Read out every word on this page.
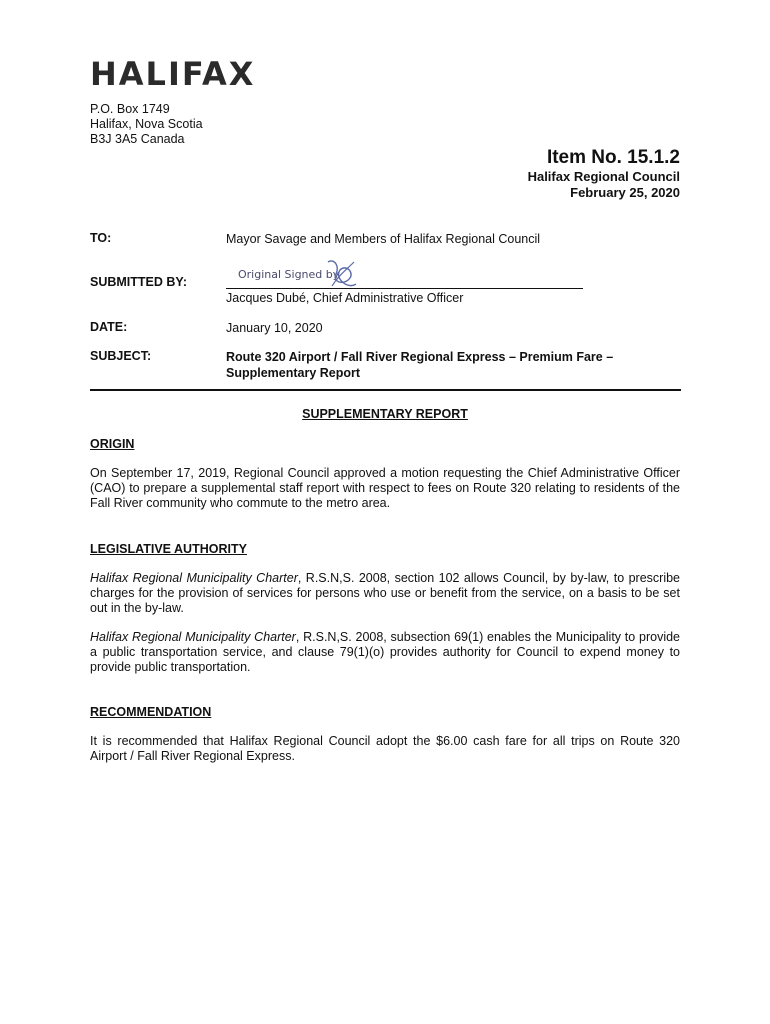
HALIFAX
P.O. Box 1749
Halifax, Nova Scotia
B3J 3A5 Canada
Item No. 15.1.2
Halifax Regional Council
February 25, 2020
TO:	Mayor Savage and Members of Halifax Regional Council
SUBMITTED BY:
Original Signed by
Jacques Dubé, Chief Administrative Officer
DATE:	January 10, 2020
SUBJECT:	Route 320 Airport / Fall River Regional Express – Premium Fare –
Supplementary Report
SUPPLEMENTARY REPORT
ORIGIN

On September 17, 2019, Regional Council approved a motion requesting the Chief Administrative Officer (CAO) to prepare a supplemental staff report with respect to fees on Route 320 relating to residents of the Fall River community who commute to the metro area.

LEGISLATIVE AUTHORITY

Halifax Regional Municipality Charter, R.S.N,S. 2008, section 102 allows Council, by by-law, to prescribe charges for the provision of services for persons who use or benefit from the service, on a basis to be set out in the by-law.

Halifax Regional Municipality Charter, R.S.N,S. 2008, subsection 69(1) enables the Municipality to provide a public transportation service, and clause 79(1)(o) provides authority for Council to expend money to provide public transportation.

RECOMMENDATION

It is recommended that Halifax Regional Council adopt the $6.00 cash fare for all trips on Route 320 Airport / Fall River Regional Express.
